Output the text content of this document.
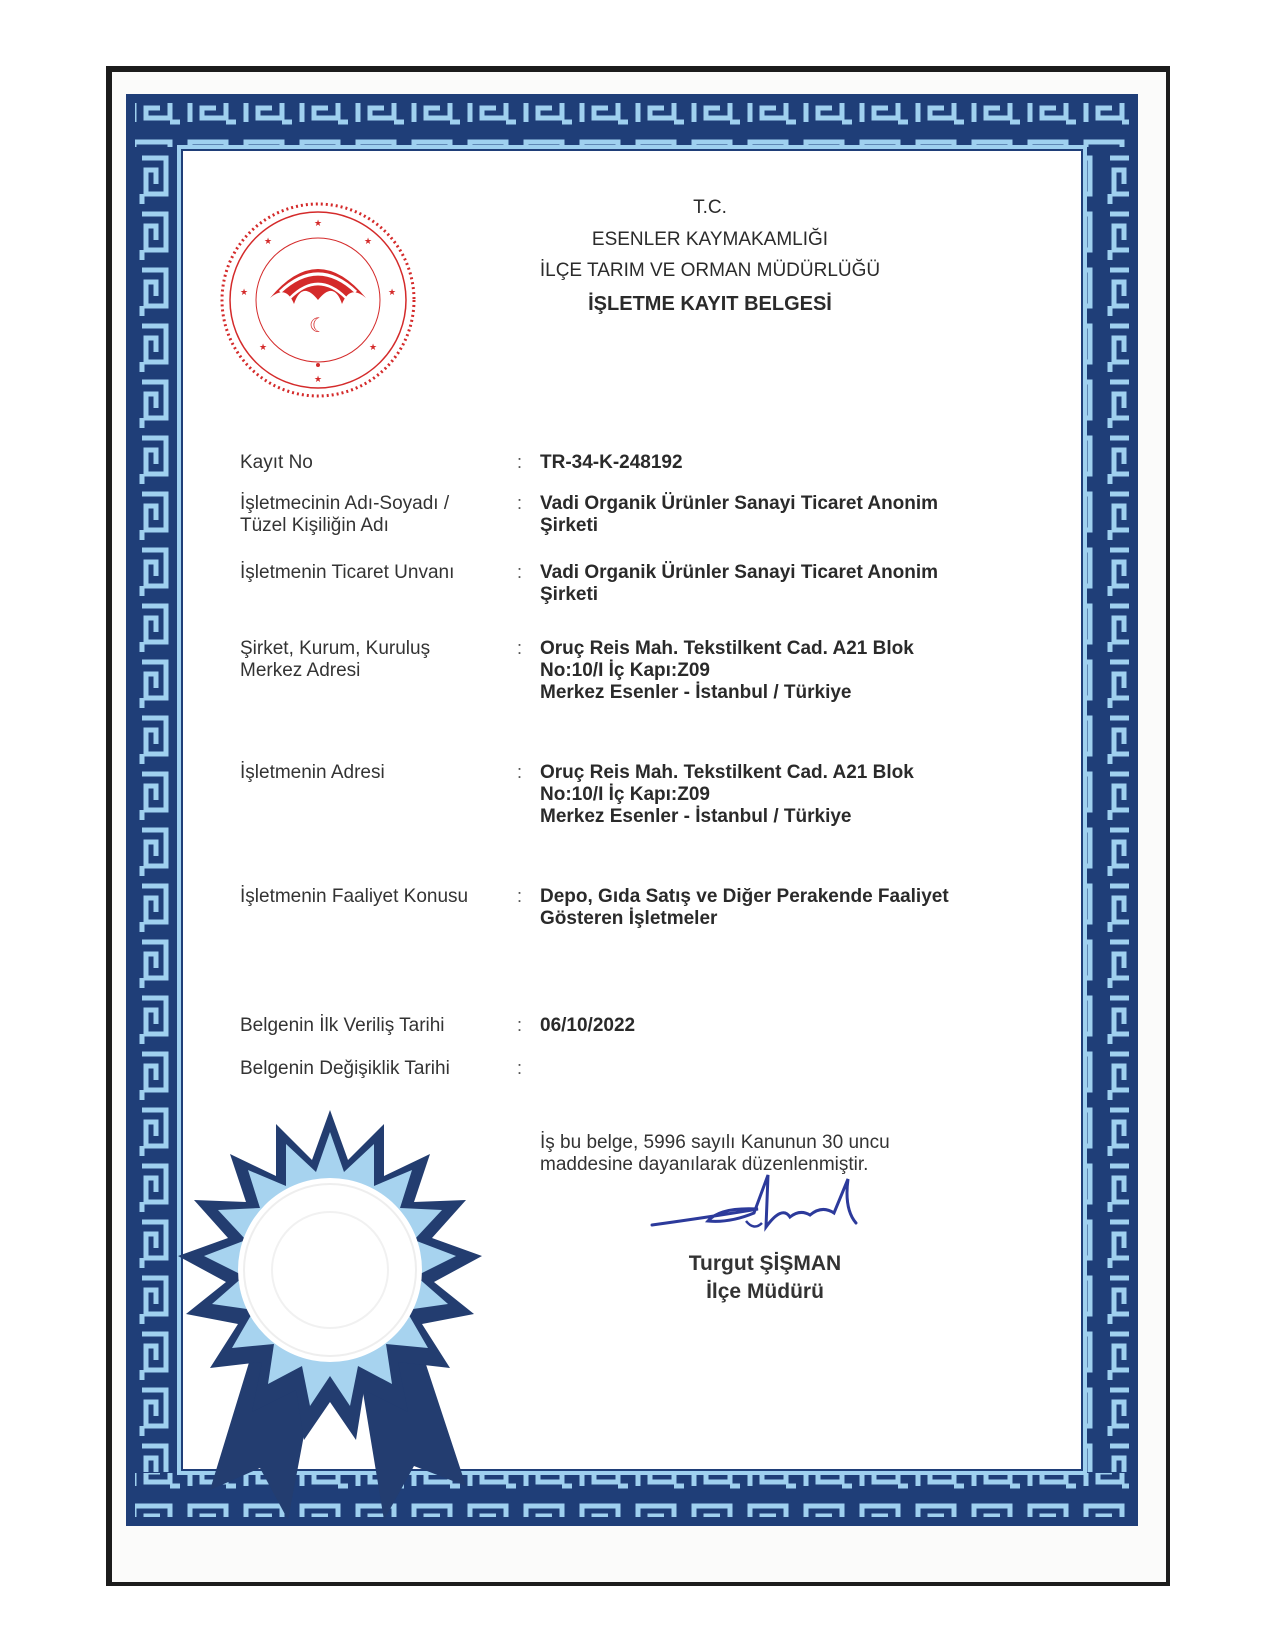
★
★
★
★
★
★
★
★
☾
T.C.
ESENLER KAYMAKAMLIĞI
İLÇE TARIM VE ORMAN MÜDÜRLÜĞÜ
İŞLETME KAYIT BELGESİ
Kayıt No	: TR-34-K-248192
İşletmecinin Adı-Soyadı /
Tüzel Kişiliğin Adı
: Vadi Organik Ürünler Sanayi Ticaret Anonim
Şirketi
İşletmenin Ticaret Unvanı	: Vadi Organik Ürünler Sanayi Ticaret Anonim
Şirketi
Şirket, Kurum, Kuruluş
Merkez Adresi
: Oruç Reis Mah. Tekstilkent Cad. A21 Blok
No:10/I İç Kapı:Z09
Merkez Esenler - İstanbul / Türkiye
İşletmenin Adresi	: Oruç Reis Mah. Tekstilkent Cad. A21 Blok
No:10/I İç Kapı:Z09
Merkez Esenler - İstanbul / Türkiye
İşletmenin Faaliyet Konusu	: Depo, Gıda Satış ve Diğer Perakende Faaliyet
Gösteren İşletmeler
Belgenin İlk Veriliş Tarihi	: 06/10/2022
Belgenin Değişiklik Tarihi	:
İş bu belge, 5996 sayılı Kanunun 30 uncu
maddesine dayanılarak düzenlenmiştir.
Turgut ŞİŞMAN
İlçe Müdürü
